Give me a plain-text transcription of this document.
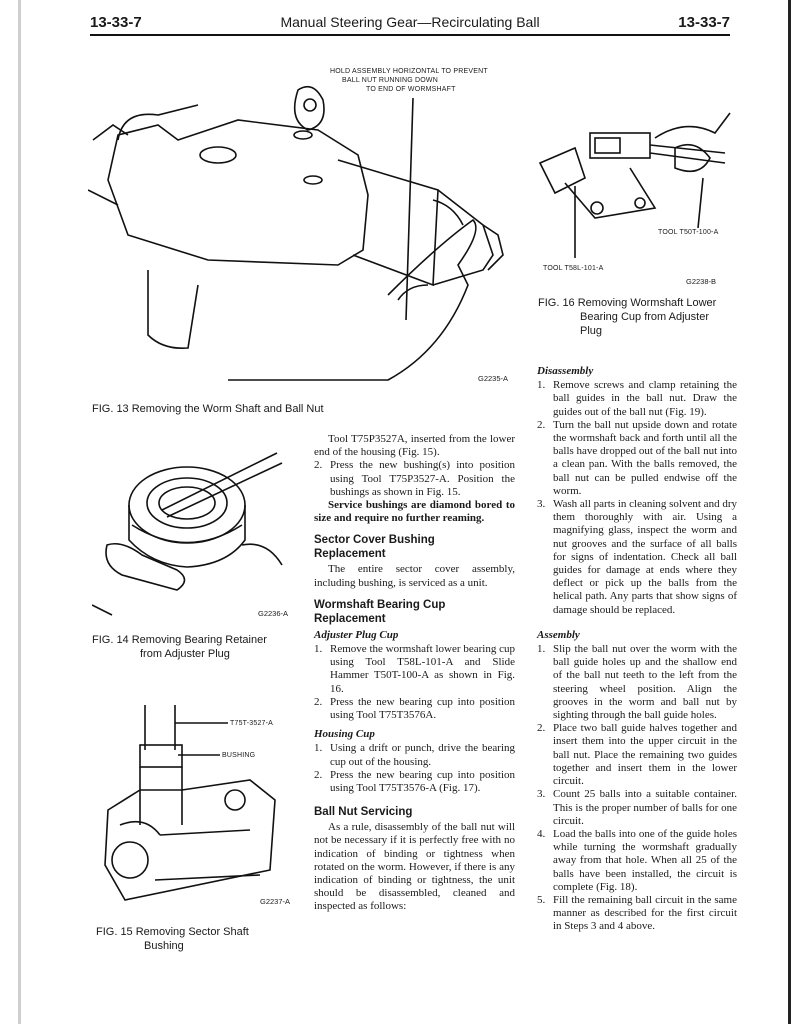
Manual Steering Gear—Recirculating Ball
13-33-7	13-33-7
HOLD ASSEMBLY HORIZONTAL TO PREVENT
BALL NUT RUNNING DOWN
TO END OF WORMSHAFT
G2235-A
FIG. 13 Removing the Worm Shaft and Ball Nut
G2236-A
FIG. 14 Removing Bearing Retainer
from Adjuster Plug
T75T-3527-A
BUSHING
G2237-A
FIG. 15 Removing Sector Shaft
Bushing
TOOL T50T-100-A
TOOL T58L-101-A
G2238-B
FIG. 16 Removing Wormshaft Lower
Bearing Cup from Adjuster
Plug

Tool T75P3527A, inserted from the lower end of the housing (Fig. 15).

2. Press the new bushing(s) into position using Tool T75P3527-A. Position the bushings as shown in Fig. 15.

Service bushings are diamond bored to size and require no further reaming.

Sector Cover Bushing
Replacement

The entire sector cover assembly, including bushing, is serviced as a unit.

Wormshaft Bearing Cup
Replacement
Adjuster Plug Cup
1. Remove the wormshaft lower bearing cup using Tool T58L-101-A and Slide Hammer T50T-100-A as shown in Fig. 16.
2. Press the new bearing cup into position using Tool T75T3576A.
Housing Cup
1. Using a drift or punch, drive the bearing cup out of the housing.
2. Press the new bearing cup into position using Tool T75T3576-A (Fig. 17).
Ball Nut Servicing

As a rule, disassembly of the ball nut will not be necessary if it is perfectly free with no indication of binding or tightness when rotated on the worm. However, if there is any indication of binding or tightness, the unit should be disassembled, cleaned and inspected as follows:

Disassembly
1. Remove screws and clamp retaining the ball guides in the ball nut. Draw the guides out of the ball nut (Fig. 19).
2. Turn the ball nut upside down and rotate the wormshaft back and forth until all the balls have dropped out of the ball nut into a clean pan. With the balls removed, the ball nut can be pulled endwise off the worm.
3. Wash all parts in cleaning solvent and dry them thoroughly with air. Using a magnifying glass, inspect the worm and nut grooves and the surface of all balls for signs of indentation. Check all ball guides for damage at ends where they deflect or pick up the balls from the helical path. Any parts that show signs of damage should be replaced.
Assembly
1. Slip the ball nut over the worm with the ball guide holes up and the shallow end of the ball nut teeth to the left from the steering wheel position. Align the grooves in the worm and ball nut by sighting through the ball guide holes.
2. Place two ball guide halves together and insert them into the upper circuit in the ball nut. Place the remaining two guides together and insert them in the lower circuit.
3. Count 25 balls into a suitable container. This is the proper number of balls for one circuit.
4. Load the balls into one of the guide holes while turning the wormshaft gradually away from that hole. When all 25 of the balls have been installed, the circuit is complete (Fig. 18).
5. Fill the remaining ball circuit in the same manner as described for the first circuit in Steps 3 and 4 above.
